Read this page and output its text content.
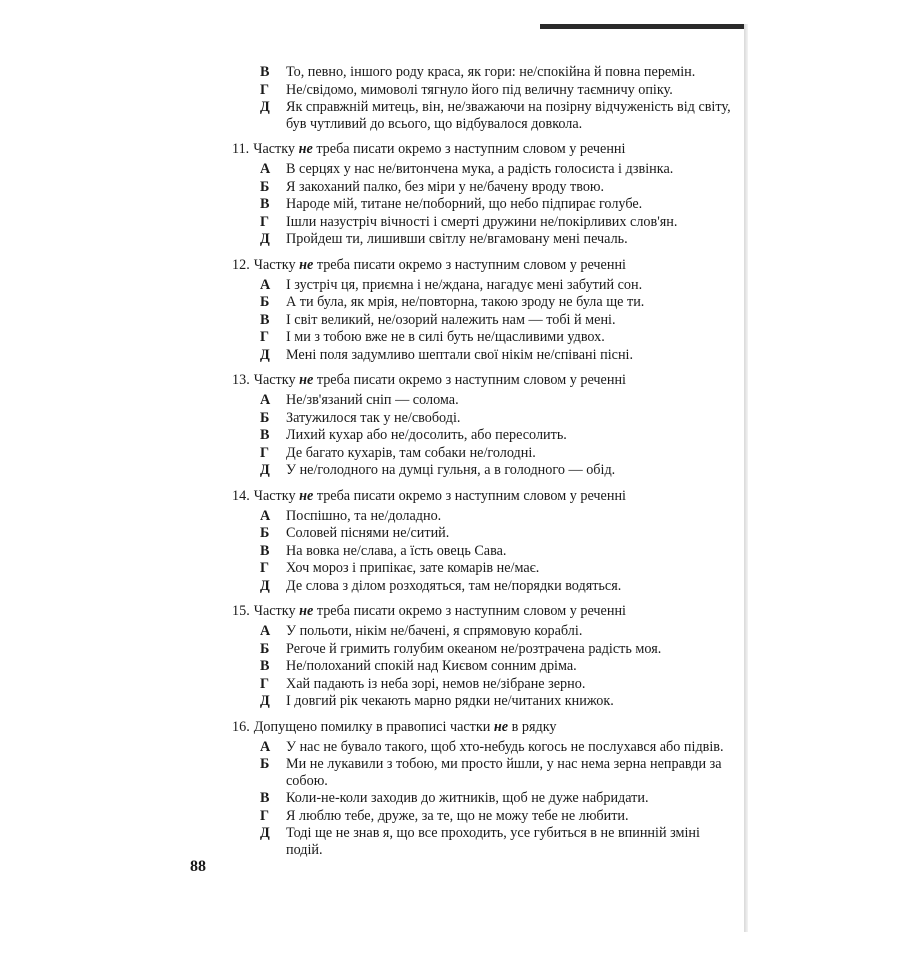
В	То, певно, іншого роду краса, як гори: не/спокійна й повна перемін.
Г	Не/свідомо, мимоволі тягнуло його під величну таємничу опіку.
Д	Як справжній митець, він, не/зважаючи на позірну відчуженість від світу, був чутливий до всього, що відбувалося довкола.
11. Частку не треба писати окремо з наступним словом у реченні
А	В серцях у нас не/витончена мука, а радість голосиста і дзвінка.
Б	Я закоханий палко, без міри у не/бачену вроду твою.
В	Народе мій, титане не/поборний, що небо підпирає голубе.
Г	Ішли назустріч вічності і смерті дружини не/покірливих слов'ян.
Д	Пройдеш ти, лишивши світлу не/вгамовану мені печаль.
12. Частку не треба писати окремо з наступним словом у реченні
А	І зустріч ця, приємна і не/ждана, нагадує мені забутий сон.
Б	А ти була, як мрія, не/повторна, такою зроду не була ще ти.
В	І світ великий, не/озорий належить нам — тобі й мені.
Г	І ми з тобою вже не в силі буть не/щасливими удвох.
Д	Мені поля задумливо шептали свої нікім не/співані пісні.
13. Частку не треба писати окремо з наступним словом у реченні
А	Не/зв'язаний сніп — солома.
Б	Затужилося так у не/свободі.
В	Лихий кухар або не/досолить, або пересолить.
Г	Де багато кухарів, там собаки не/голодні.
Д	У не/голодного на думці гульня, а в голодного — обід.
14. Частку не треба писати окремо з наступним словом у реченні
А	Поспішно, та не/доладно.
Б	Соловей піснями не/ситий.
В	На вовка не/слава, а їсть овець Сава.
Г	Хоч мороз і припікає, зате комарів не/має.
Д	Де слова з ділом розходяться, там не/порядки водяться.
15. Частку не треба писати окремо з наступним словом у реченні
А	У польоти, нікім не/бачені, я спрямовую кораблі.
Б	Регоче й гримить голубим океаном не/розтрачена радість моя.
В	Не/полоханий спокій над Києвом сонним дріма.
Г	Хай падають із неба зорі, немов не/зібране зерно.
Д	І довгий рік чекають марно рядки не/читаних книжок.
16. Допущено помилку в правописі частки не в рядку
А	У нас не бувало такого, щоб хто-небудь когось не послухався або підвів.
Б	Ми не лукавили з тобою, ми просто йшли, у нас нема зерна неправди за собою.
В	Коли-не-коли заходив до житників, щоб не дуже набридати.
Г	Я люблю тебе, друже, за те, що не можу тебе не любити.
Д	Тоді ще не знав я, що все проходить, усе губиться в не впинній зміні подій.
88
